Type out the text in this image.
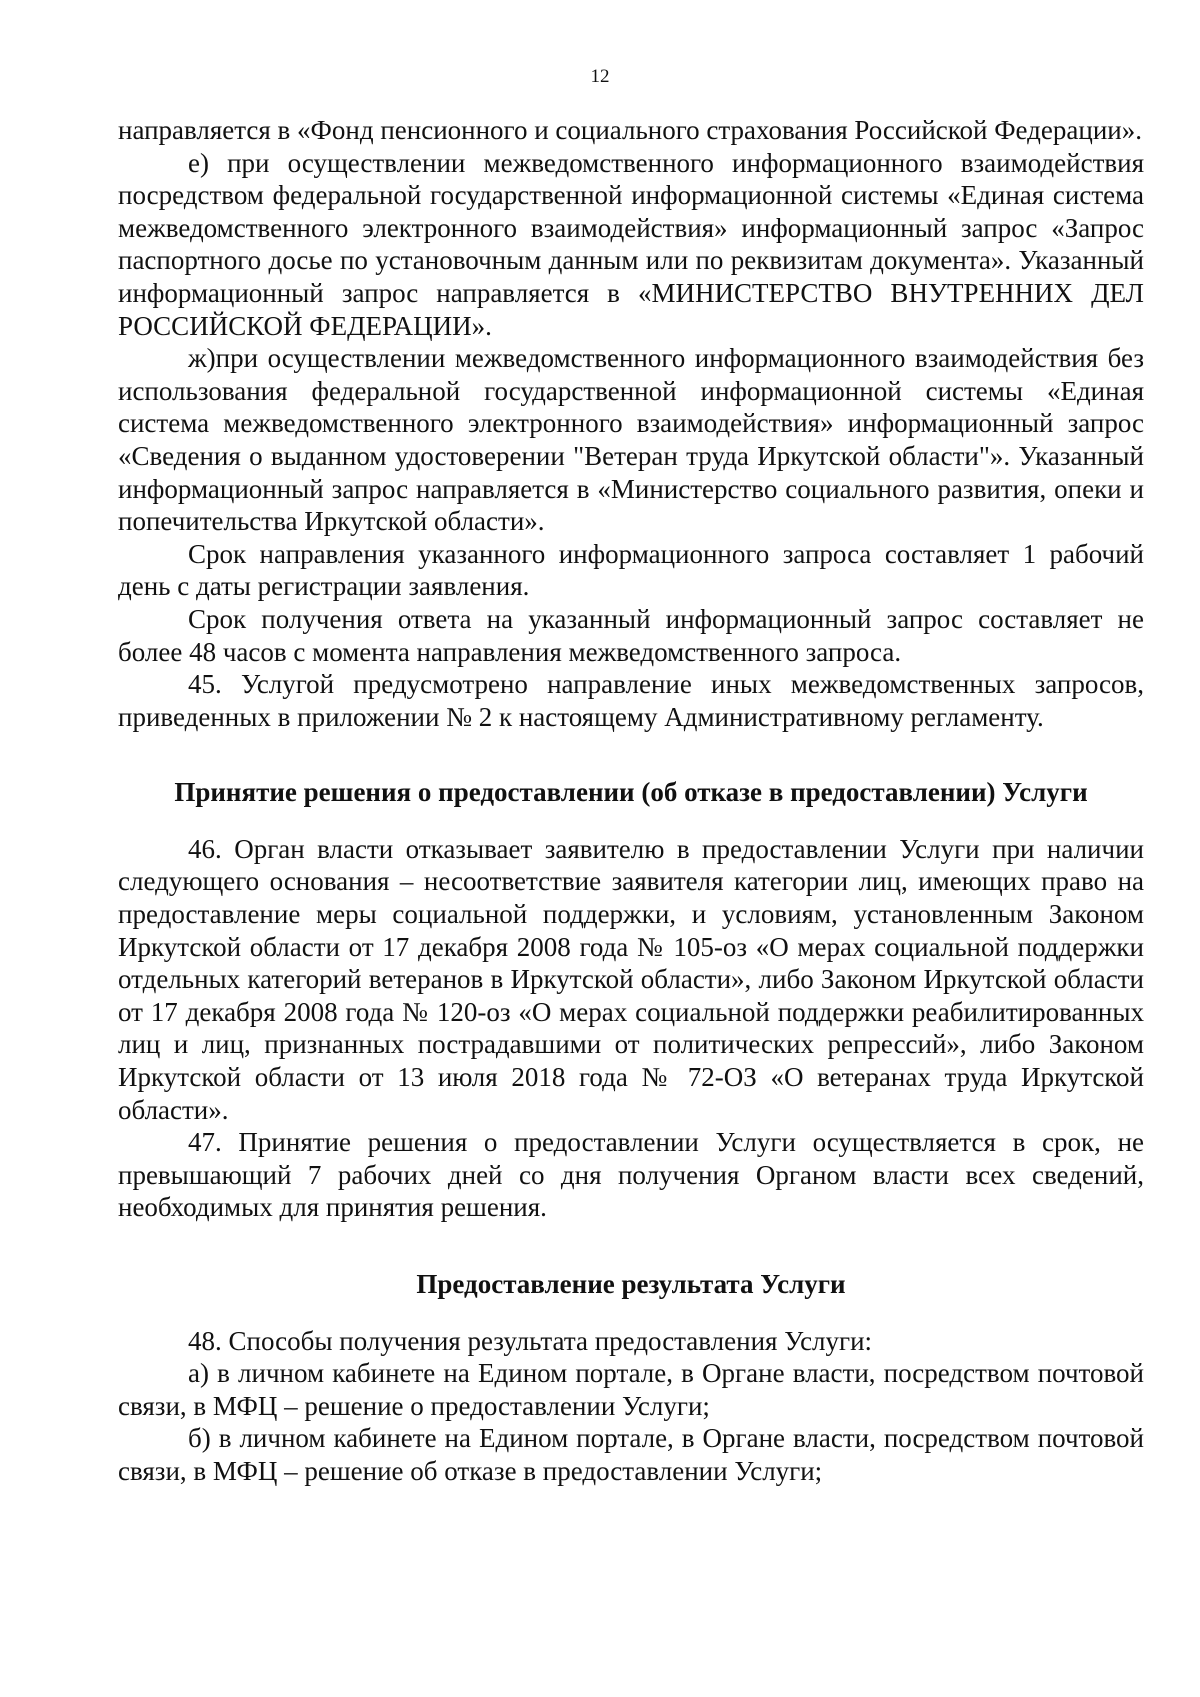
12

направляется в «Фонд пенсионного и социального страхования Российской Федерации».

е) при осуществлении межведомственного информационного взаимодействия посредством федеральной государственной информационной системы «Единая система межведомственного электронного взаимодействия» информационный запрос «Запрос паспортного досье по установочным данным или по реквизитам документа». Указанный информационный запрос направляется в «МИНИСТЕРСТВО ВНУТРЕННИХ ДЕЛ РОССИЙСКОЙ ФЕДЕРАЦИИ».

ж)при осуществлении межведомственного информационного взаимодействия без использования федеральной государственной информационной системы «Единая система межведомственного электронного взаимодействия» информационный запрос «Сведения о выданном удостоверении "Ветеран труда Иркутской области"». Указанный информационный запрос направляется в «Министерство социального развития, опеки и попечительства Иркутской области».

Срок направления указанного информационного запроса составляет 1 рабочий день с даты регистрации заявления.

Срок получения ответа на указанный информационный запрос составляет не более 48 часов с момента направления межведомственного запроса.

45. Услугой предусмотрено направление иных межведомственных запросов, приведенных в приложении № 2 к настоящему Административному регламенту.

Принятие решения о предоставлении (об отказе в предоставлении) Услуги

46. Орган власти отказывает заявителю в предоставлении Услуги при наличии следующего основания – несоответствие заявителя категории лиц, имеющих право на предоставление меры социальной поддержки, и условиям, установленным Законом Иркутской области от 17 декабря 2008 года № 105-оз «О мерах социальной поддержки отдельных категорий ветеранов в Иркутской области», либо Законом Иркутской области от 17 декабря 2008 года № 120-оз «О мерах социальной поддержки реабилитированных лиц и лиц, признанных пострадавшими от политических репрессий», либо Законом Иркутской области от 13 июля 2018 года № 72-ОЗ «О ветеранах труда Иркутской области».

47. Принятие решения о предоставлении Услуги осуществляется в срок, не превышающий 7 рабочих дней со дня получения Органом власти всех сведений, необходимых для принятия решения.

Предоставление результата Услуги

48. Способы получения результата предоставления Услуги:

а) в личном кабинете на Едином портале, в Органе власти, посредством почтовой связи, в МФЦ – решение о предоставлении Услуги;

б) в личном кабинете на Едином портале, в Органе власти, посредством почтовой связи, в МФЦ – решение об отказе в предоставлении Услуги;
